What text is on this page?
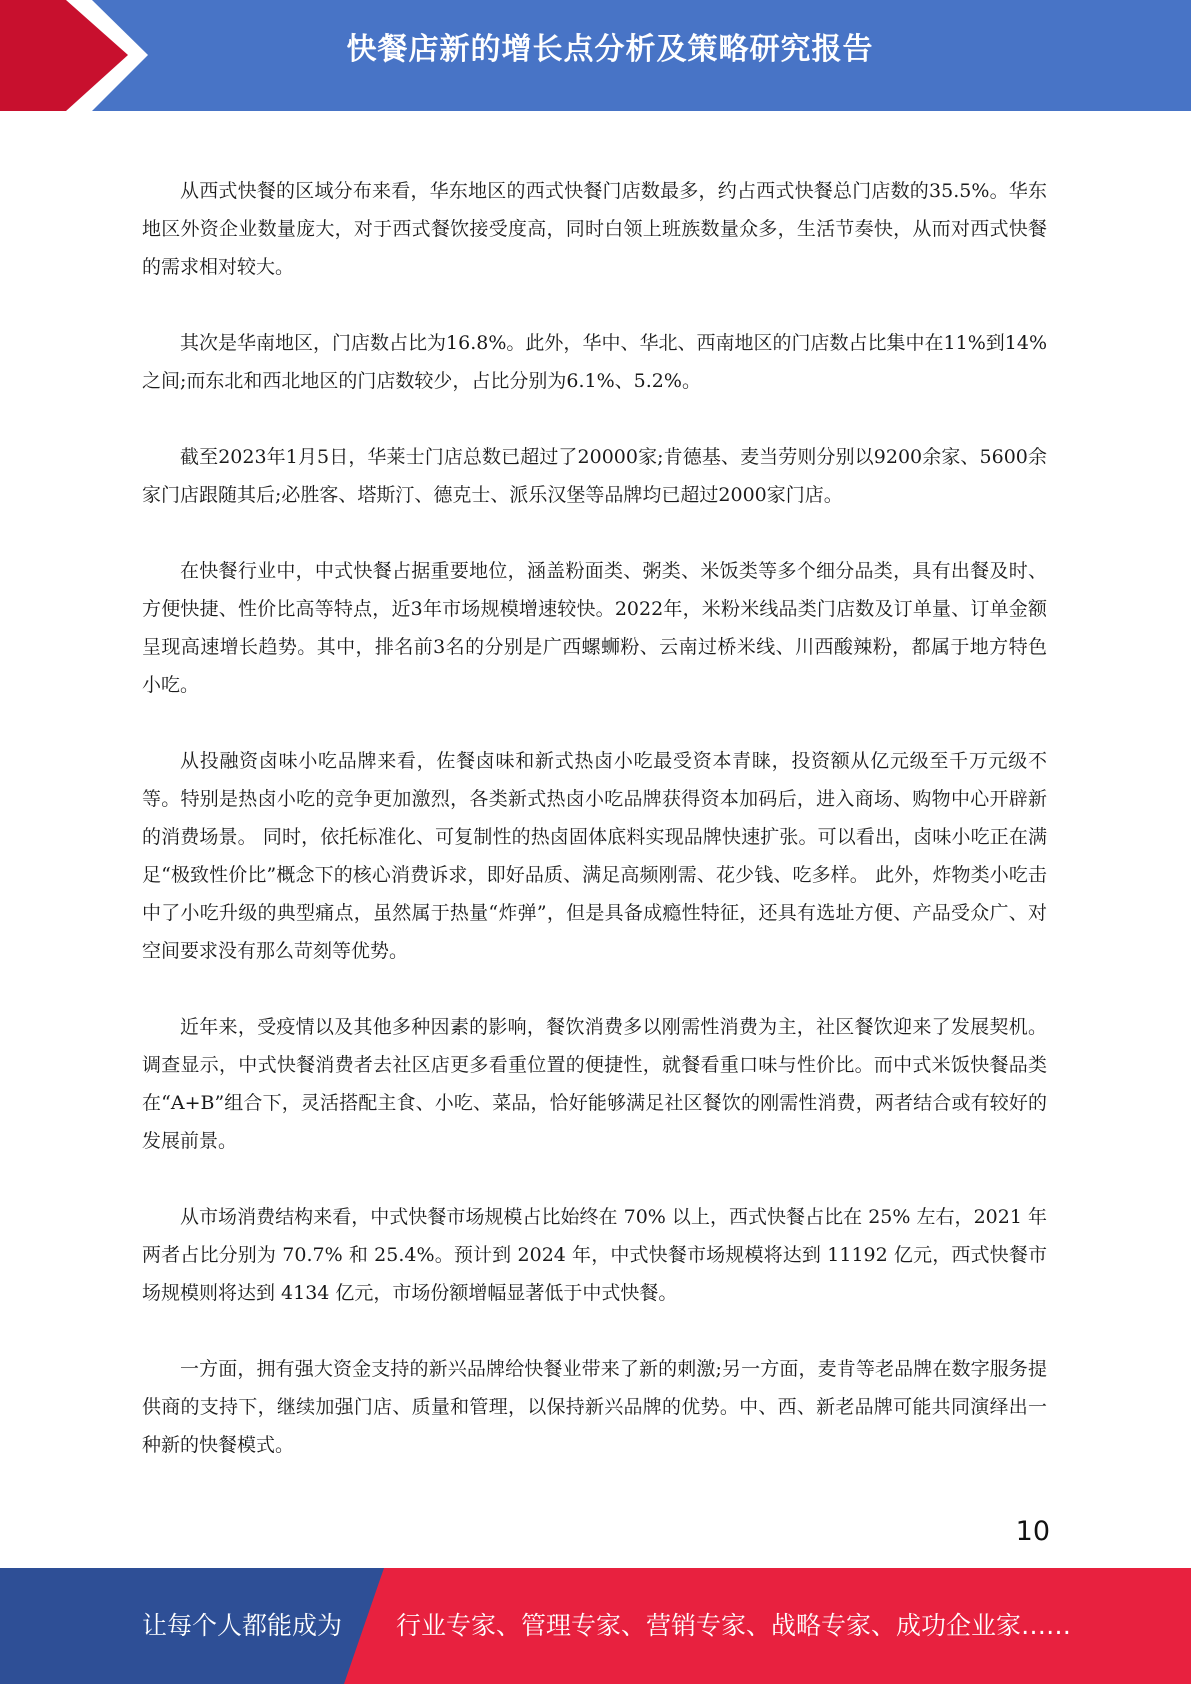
快餐店新的增长点分析及策略研究报告

从西式快餐的区域分布来看，华东地区的西式快餐门店数最多，约占西式快餐总门店数的35.5%。华东地区外资企业数量庞大，对于西式餐饮接受度高，同时白领上班族数量众多，生活节奏快，从而对西式快餐的需求相对较大。

其次是华南地区，门店数占比为16.8%。此外，华中、华北、西南地区的门店数占比集中在11%到14%之间;而东北和西北地区的门店数较少，占比分别为6.1%、5.2%。

截至2023年1月5日，华莱士门店总数已超过了20000家;肯德基、麦当劳则分别以9200余家、5600余家门店跟随其后;必胜客、塔斯汀、德克士、派乐汉堡等品牌均已超过2000家门店。

在快餐行业中，中式快餐占据重要地位，涵盖粉面类、粥类、米饭类等多个细分品类，具有出餐及时、方便快捷、性价比高等特点，近3年市场规模增速较快。2022年，米粉米线品类门店数及订单量、订单金额呈现高速增长趋势。其中，排名前3名的分别是广西螺蛳粉、云南过桥米线、川西酸辣粉，都属于地方特色小吃。

从投融资卤味小吃品牌来看，佐餐卤味和新式热卤小吃最受资本青睐，投资额从亿元级至千万元级不等。特别是热卤小吃的竞争更加激烈，各类新式热卤小吃品牌获得资本加码后，进入商场、购物中心开辟新的消费场景。 同时，依托标准化、可复制性的热卤固体底料实现品牌快速扩张。可以看出，卤味小吃正在满足“极致性价比”概念下的核心消费诉求，即好品质、满足高频刚需、花少钱、吃多样。 此外，炸物类小吃击中了小吃升级的典型痛点，虽然属于热量“炸弹”，但是具备成瘾性特征，还具有选址方便、产品受众广、对空间要求没有那么苛刻等优势。

近年来，受疫情以及其他多种因素的影响，餐饮消费多以刚需性消费为主，社区餐饮迎来了发展契机。调查显示，中式快餐消费者去社区店更多看重位置的便捷性，就餐看重口味与性价比。而中式米饭快餐品类在“A+B”组合下，灵活搭配主食、小吃、菜品，恰好能够满足社区餐饮的刚需性消费，两者结合或有较好的发展前景。

从市场消费结构来看，中式快餐市场规模占比始终在 70% 以上，西式快餐占比在 25% 左右，2021 年两者占比分别为 70.7% 和 25.4%。预计到 2024 年，中式快餐市场规模将达到 11192 亿元，西式快餐市场规模则将达到 4134 亿元，市场份额增幅显著低于中式快餐。

一方面，拥有强大资金支持的新兴品牌给快餐业带来了新的刺激;另一方面，麦肯等老品牌在数字服务提供商的支持下，继续加强门店、质量和管理，以保持新兴品牌的优势。中、西、新老品牌可能共同演绎出一种新的快餐模式。

10
让每个人都能成为 行业专家、管理专家、营销专家、战略专家、成功企业家……
